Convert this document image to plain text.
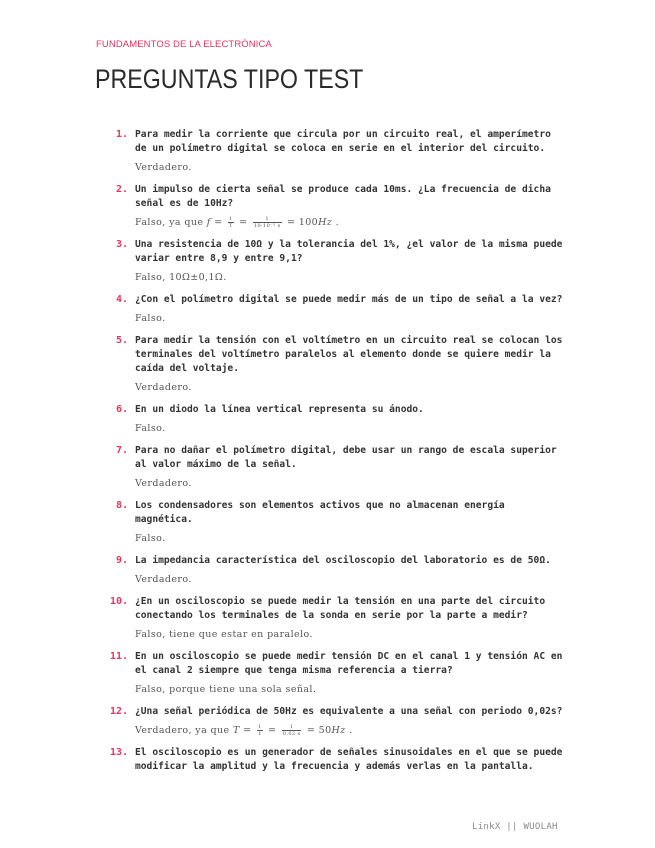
FUNDAMENTOS DE LA ELECTRÓNICA
PREGUNTAS TIPO TEST
1. Para medir la corriente que circula por un circuito real, el amperímetro de un polímetro digital se coloca en serie en el interior del circuito.

Verdadero.

2. Un impulso de cierta señal se produce cada 10ms. ¿La frecuencia de dicha señal es de 10Hz?

Falso, ya que $f = \frac{1}{T} = \frac{1}{\text{10·10⁻³ s}} = 100Hz$ .

3. Una resistencia de 10Ω y la tolerancia del 1%, ¿el valor de la misma puede variar entre 8,9 y entre 9,1?

Falso, 10Ω±0,1Ω.

4. ¿Con el polímetro digital se puede medir más de un tipo de señal a la vez?

Falso.

5. Para medir la tensión con el voltímetro en un circuito real se colocan los terminales del voltímetro paralelos al elemento donde se quiere medir la caída del voltaje.

Verdadero.

6. En un diodo la línea vertical representa su ánodo.

Falso.

7. Para no dañar el polímetro digital, debe usar un rango de escala superior al valor máximo de la señal.

Verdadero.

8. Los condensadores son elementos activos que no almacenan energía magnética.

Falso.

9. La impedancia característica del osciloscopio del laboratorio es de 50Ω.

Verdadero.

10. ¿En un osciloscopio se puede medir la tensión en una parte del circuito conectando los terminales de la sonda en serie por la parte a medir?

Falso, tiene que estar en paralelo.

11. En un osciloscopio se puede medir tensión DC en el canal 1 y tensión AC en el canal 2 siempre que tenga misma referencia a tierra?

Falso, porque tiene una sola señal.

12. ¿Una señal periódica de 50Hz es equivalente a una señal con periodo 0,02s?

Verdadero, ya que $T = \frac{1}{f} = \frac{1}{0,02 s} = 50Hz$ .

13. El osciloscopio es un generador de señales sinusoidales en el que se puede modificar la amplitud y la frecuencia y además verlas en la pantalla.

LinkX || WUOLAH
